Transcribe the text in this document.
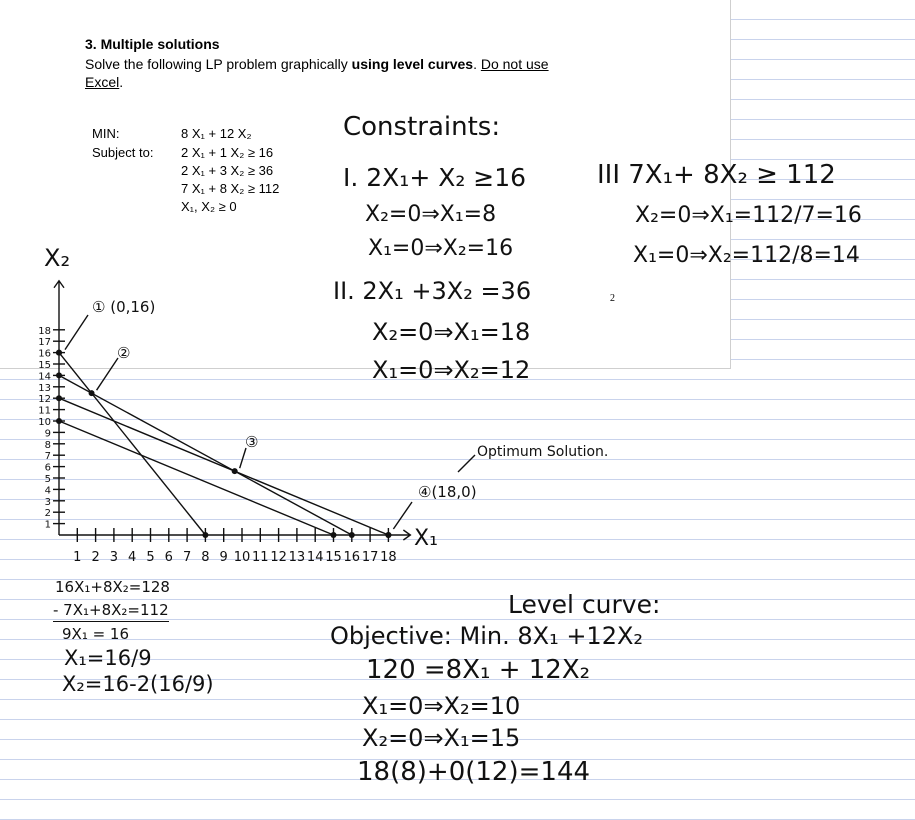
3. Multiple solutions
Solve the following LP problem graphically using level curves. Do not use
Excel.
MIN:
Subject to:
8 X₁ + 12 X₂
2 X₁ + 1 X₂ ≥ 16
2 X₁ + 3 X₂ ≥ 36
7 X₁ + 8 X₂ ≥ 112
X₁, X₂ ≥ 0
2
Constraints:
I. 2X₁+ X₂ ≥16
X₂=0⇒X₁=8
X₁=0⇒X₂=16
II. 2X₁ +3X₂ =36
X₂=0⇒X₁=18
X₁=0⇒X₂=12
III 7X₁+ 8X₂ ≥ 112
X₂=0⇒X₁=112/7=16
X₁=0⇒X₂=112/8=14
Optimum Solution.
16X₁+8X₂=128
- 7X₁+8X₂=112
9X₁ = 16
X₁=16/9
X₂=16-2(16/9)
Level curve:
Objective: Min. 8X₁ +12X₂
120 =8X₁ + 12X₂
X₁=0⇒X₂=10
X₂=0⇒X₁=15
18(8)+0(12)=144
X₁
X₂
1 2 3 4 5 6 7 8 9 10 11 12 13 14 15 16 17 18
1
2
3
4
5
6
7
8
9
10
11
12
13
14
15
16
17
18
① (0,16)
②
③
④(18,0)
